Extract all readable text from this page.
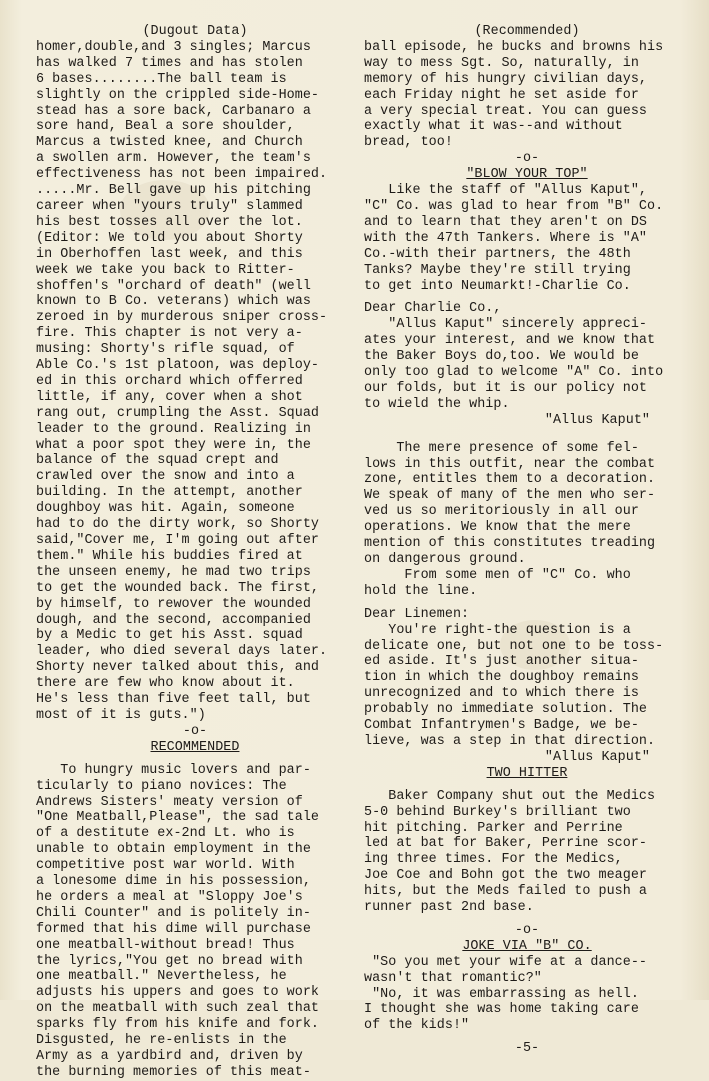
(Dugout Data)
homer,double,and 3 singles; Marcus
has walked 7 times and has stolen
6 bases........The ball team is
slightly on the crippled side-Home-
stead has a sore back, Carbanaro a
sore hand, Beal a sore shoulder,
Marcus a twisted knee, and Church
a swollen arm. However, the team's
effectiveness has not been impaired.
.....Mr. Bell gave up his pitching
career when "yours truly" slammed
his best tosses all over the lot.
(Editor: We told you about Shorty
in Oberhoffen last week, and this
week we take you back to Ritter-
shoffen's "orchard of death" (well
known to B Co. veterans) which was
zeroed in by murderous sniper cross-
fire. This chapter is not very a-
musing: Shorty's rifle squad, of
Able Co.'s 1st platoon, was deploy-
ed in this orchard which offerred
little, if any, cover when a shot
rang out, crumpling the Asst. Squad
leader to the ground. Realizing in
what a poor spot they were in, the
balance of the squad crept and
crawled over the snow and into a
building. In the attempt, another
doughboy was hit. Again, someone
had to do the dirty work, so Shorty
said,"Cover me, I'm going out after
them." While his buddies fired at
the unseen enemy, he mad two trips
to get the wounded back. The first,
by himself, to rewover the wounded
dough, and the second, accompanied
by a Medic to get his Asst. squad
leader, who died several days later.
Shorty never talked about this, and
there are few who know about it.
He's less than five feet tall, but
most of it is guts.")
-o-
RECOMMENDED
To hungry music lovers and par-
ticularly to piano novices: The
Andrews Sisters' meaty version of
"One Meatball,Please", the sad tale
of a destitute ex-2nd Lt. who is
unable to obtain employment in the
competitive post war world. With
a lonesome dime in his possession,
he orders a meal at "Sloppy Joe's
Chili Counter" and is politely in-
formed that his dime will purchase
one meatball-without bread! Thus
the lyrics,"You get no bread with
one meatball." Nevertheless, he
adjusts his uppers and goes to work
on the meatball with such zeal that
sparks fly from his knife and fork.
Disgusted, he re-enlists in the
Army as a yardbird and, driven by
the burning memories of this meat-
(Recommended)
ball episode, he bucks and browns his
way to mess Sgt. So, naturally, in
memory of his hungry civilian days,
each Friday night he set aside for
a very special treat. You can guess
exactly what it was--and without
bread, too!
-o-
"BLOW YOUR TOP"
Like the staff of "Allus Kaput",
"C" Co. was glad to hear from "B" Co.
and to learn that they aren't on DS
with the 47th Tankers. Where is "A"
Co.-with their partners, the 48th
Tanks? Maybe they're still trying
to get into Neumarkt!-Charlie Co.
Dear Charlie Co.,
"Allus Kaput" sincerely appreci-
ates your interest, and we know that
the Baker Boys do,too. We would be
only too glad to welcome "A" Co. into
our folds, but it is our policy not
to wield the whip.
"Allus Kaput"
The mere presence of some fel-
lows in this outfit, near the combat
zone, entitles them to a decoration.
We speak of many of the men who ser-
ved us so meritoriously in all our
operations. We know that the mere
mention of this constitutes treading
on dangerous ground.
From some men of "C" Co. who
hold the line.
Dear Linemen:
You're right-the question is a
delicate one, but not one to be toss-
ed aside. It's just another situa-
tion in which the doughboy remains
unrecognized and to which there is
probably no immediate solution. The
Combat Infantrymen's Badge, we be-
lieve, was a step in that direction.
"Allus Kaput"
TWO HITTER
Baker Company shut out the Medics
5-0 behind Burkey's brilliant two
hit pitching. Parker and Perrine
led at bat for Baker, Perrine scor-
ing three times. For the Medics,
Joe Coe and Bohn got the two meager
hits, but the Meds failed to push a
runner past 2nd base.
-o-
JOKE VIA "B" CO.
"So you met your wife at a dance--
wasn't that romantic?"
"No, it was embarrassing as hell.
I thought she was home taking care
of the kids!"
-5-
